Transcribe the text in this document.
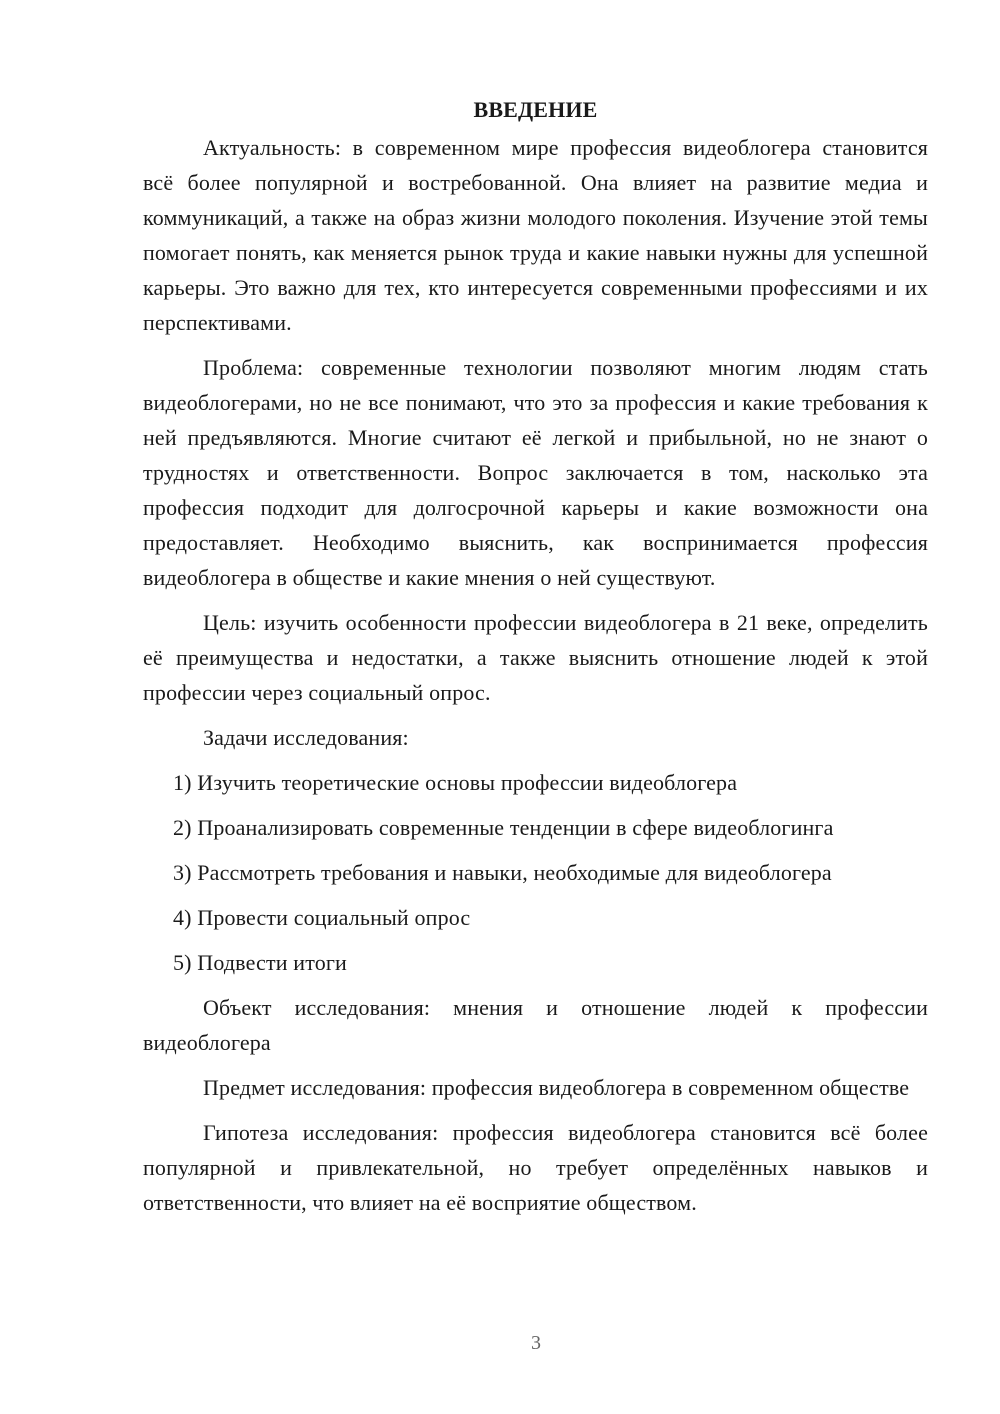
ВВЕДЕНИЕ
Актуальность: в современном мире профессия видеоблогера становится всё более популярной и востребованной. Она влияет на развитие медиа и коммуникаций, а также на образ жизни молодого поколения. Изучение этой темы помогает понять, как меняется рынок труда и какие навыки нужны для успешной карьеры. Это важно для тех, кто интересуется современными профессиями и их перспективами.
Проблема: современные технологии позволяют многим людям стать видеоблогерами, но не все понимают, что это за профессия и какие требования к ней предъявляются. Многие считают её легкой и прибыльной, но не знают о трудностях и ответственности. Вопрос заключается в том, насколько эта профессия подходит для долгосрочной карьеры и какие возможности она предоставляет. Необходимо выяснить, как воспринимается профессия видеоблогера в обществе и какие мнения о ней существуют.
Цель: изучить особенности профессии видеоблогера в 21 веке, определить её преимущества и недостатки, а также выяснить отношение людей к этой профессии через социальный опрос.
Задачи исследования:
1) Изучить теоретические основы профессии видеоблогера
2) Проанализировать современные тенденции в сфере видеоблогинга
3) Рассмотреть требования и навыки, необходимые для видеоблогера
4) Провести социальный опрос
5) Подвести итоги
Объект исследования: мнения и отношение людей к профессии видеоблогера
Предмет исследования: профессия видеоблогера в современном обществе
Гипотеза исследования: профессия видеоблогера становится всё более популярной и привлекательной, но требует определённых навыков и ответственности, что влияет на её восприятие обществом.
3
